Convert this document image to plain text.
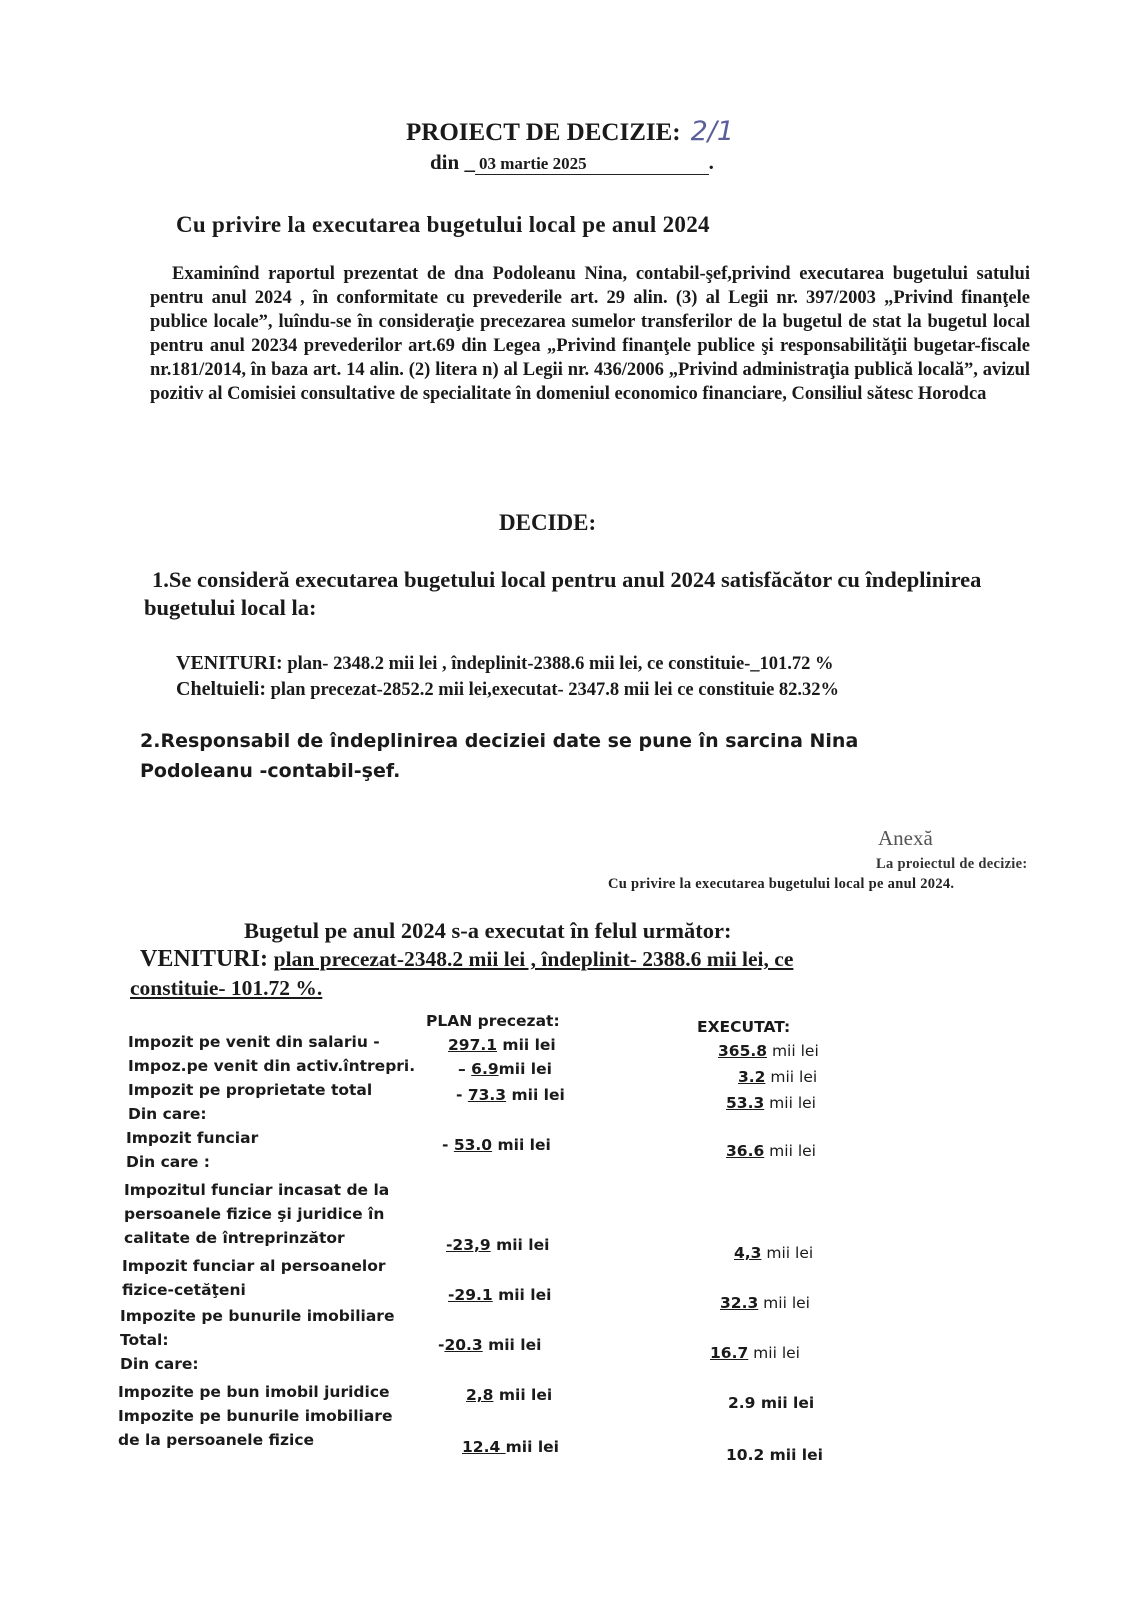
PROIECT DE DECIZIE: 2/1
din _ 03 martie 2025	.
Cu privire la executarea bugetului local pe anul 2024
Examinînd raportul prezentat de dna Podoleanu Nina, contabil-şef,privind executarea bugetului satului pentru anul 2024 , în conformitate cu prevederile art. 29 alin. (3) al Legii nr. 397/2003 „Privind finanţele publice locale”, luîndu-se în consideraţie precezarea sumelor transferilor de la bugetul de stat la bugetul local pentru anul 20234 prevederilor art.69 din Legea „Privind finanţele publice şi responsabilităţii bugetar-fiscale nr.181/2014, în baza art. 14 alin. (2) litera n) al Legii nr. 436/2006 „Privind administraţia publică locală”, avizul pozitiv al Comisiei consultative de specialitate în domeniul economico financiare, Consiliul sătesc Horodca
DECIDE:
1.Se consideră executarea bugetului local pentru anul 2024 satisfăcător cu îndeplinirea bugetului local la:
VENITURI: plan- 2348.2 mii lei , îndeplinit-2388.6 mii lei, ce constituie-_101.72 %
Cheltuieli: plan precezat-2852.2 mii lei,executat- 2347.8 mii lei ce constituie 82.32%
2.Responsabil de îndeplinirea deciziei date se pune în sarcina Nina Podoleanu -contabil-şef.
Anexă
La proiectul de decizie:
Cu privire la executarea bugetului local pe anul 2024.
Bugetul pe anul 2024 s-a executat în felul următor:
VENITURI: plan precezat-2348.2 mii lei , îndeplinit- 2388.6 mii lei, ce
constituie- 101.72 %.
PLAN precezat:	EXECUTAT:
Impozit pe venit din salariu -	297.1 mii lei	365.8 mii lei
Impoz.pe venit din activ.întrepri.	– 6.9mii lei	3.2 mii lei
Impozit pe proprietate total	- 73.3 mii lei	53.3 mii lei
Din care:
Impozit funciar	- 53.0 mii lei	36.6 mii lei
Din care :
Impozitul funciar incasat de la
persoanele fizice şi juridice în
calitate de întreprinzător	-23,9 mii lei	4,3 mii lei
Impozit funciar al persoanelor
fizice-cetăţeni	-29.1 mii lei	32.3 mii lei
Impozite pe bunurile imobiliare
Total:	-20.3 mii lei	16.7 mii lei
Din care:
Impozite pe bun imobil juridice	2,8 mii lei	2.9 mii lei
Impozite pe bunurile imobiliare
de la persoanele fizice	12.4 mii lei	10.2 mii lei
